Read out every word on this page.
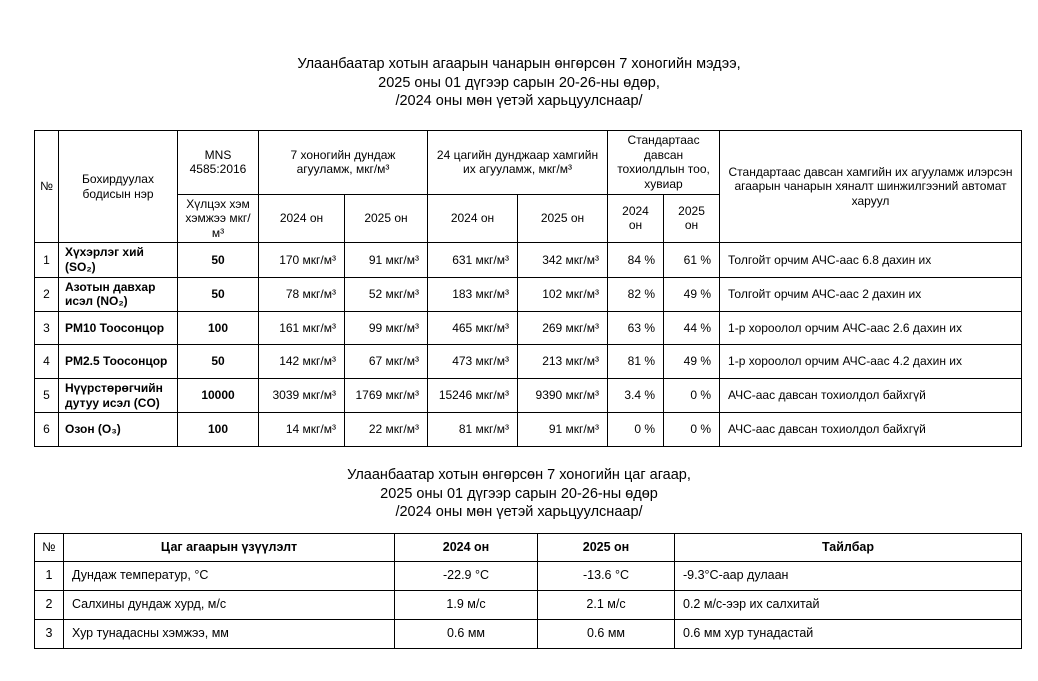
Улаанбаатар хотын агаарын чанарын өнгөрсөн 7 хоногийн мэдээ,
2025 оны 01 дүгээр сарын 20-26-ны өдөр,
/2024 оны мөн үетэй харьцуулснаар/
№	Бохирдуулах бодисын нэр	MNS 4585:2016	7 хоногийн дундаж агууламж, мкг/м³		24 цагийн дунджаар хамгийн их агууламж, мкг/м³		Стандартаас давсан тохиолдлын тоо, хувиар		Стандартаас давсан хамгийн их агууламж илэрсэн агаарын чанарын хяналт шинжилгээний автомат харуул
		Хүлцэх хэм хэмжээ мкг/м³	2024 он	2025 он	2024 он	2025 он	2024 он	2025 он	
1	Хүхэрлэг хий (SO₂)	50	170 мкг/м³	91 мкг/м³	631 мкг/м³	342 мкг/м³	84 %	61 %	Толгойт орчим АЧС-аас 6.8 дахин их
2	Азотын давхар исэл (NO₂)	50	78 мкг/м³	52 мкг/м³	183 мкг/м³	102 мкг/м³	82 %	49 %	Толгойт орчим АЧС-аас 2 дахин их
3	PM10 Тоосонцор	100	161 мкг/м³	99 мкг/м³	465 мкг/м³	269 мкг/м³	63 %	44 %	1-р хороолол орчим АЧС-аас 2.6 дахин их
4	PM2.5 Тоосонцор	50	142 мкг/м³	67 мкг/м³	473 мкг/м³	213 мкг/м³	81 %	49 %	1-р хороолол орчим АЧС-аас 4.2 дахин их
5	Нүүрстөрөгчийн дутуу исэл (CO)	10000	3039 мкг/м³	1769 мкг/м³	15246 мкг/м³	9390 мкг/м³	3.4 %	0 %	АЧС-аас давсан тохиолдол байхгүй
6	Озон (O₃)	100	14 мкг/м³	22 мкг/м³	81 мкг/м³	91 мкг/м³	0 %	0 %	АЧС-аас давсан тохиолдол байхгүй
Улаанбаатар хотын өнгөрсөн 7 хоногийн цаг агаар,
2025 оны 01 дүгээр сарын 20-26-ны өдөр
/2024 оны мөн үетэй харьцуулснаар/
№	Цаг агаарын үзүүлэлт	2024 он	2025 он	Тайлбар
1	Дундаж температур, °С	-22.9 °С	-13.6 °С	-9.3°С-аар дулаан
2	Салхины дундаж хурд, м/с	1.9 м/с	2.1 м/с	0.2 м/с-ээр их салхитай
3	Хур тунадасны хэмжээ, мм	0.6 мм	0.6 мм	0.6 мм хур тунадастай
